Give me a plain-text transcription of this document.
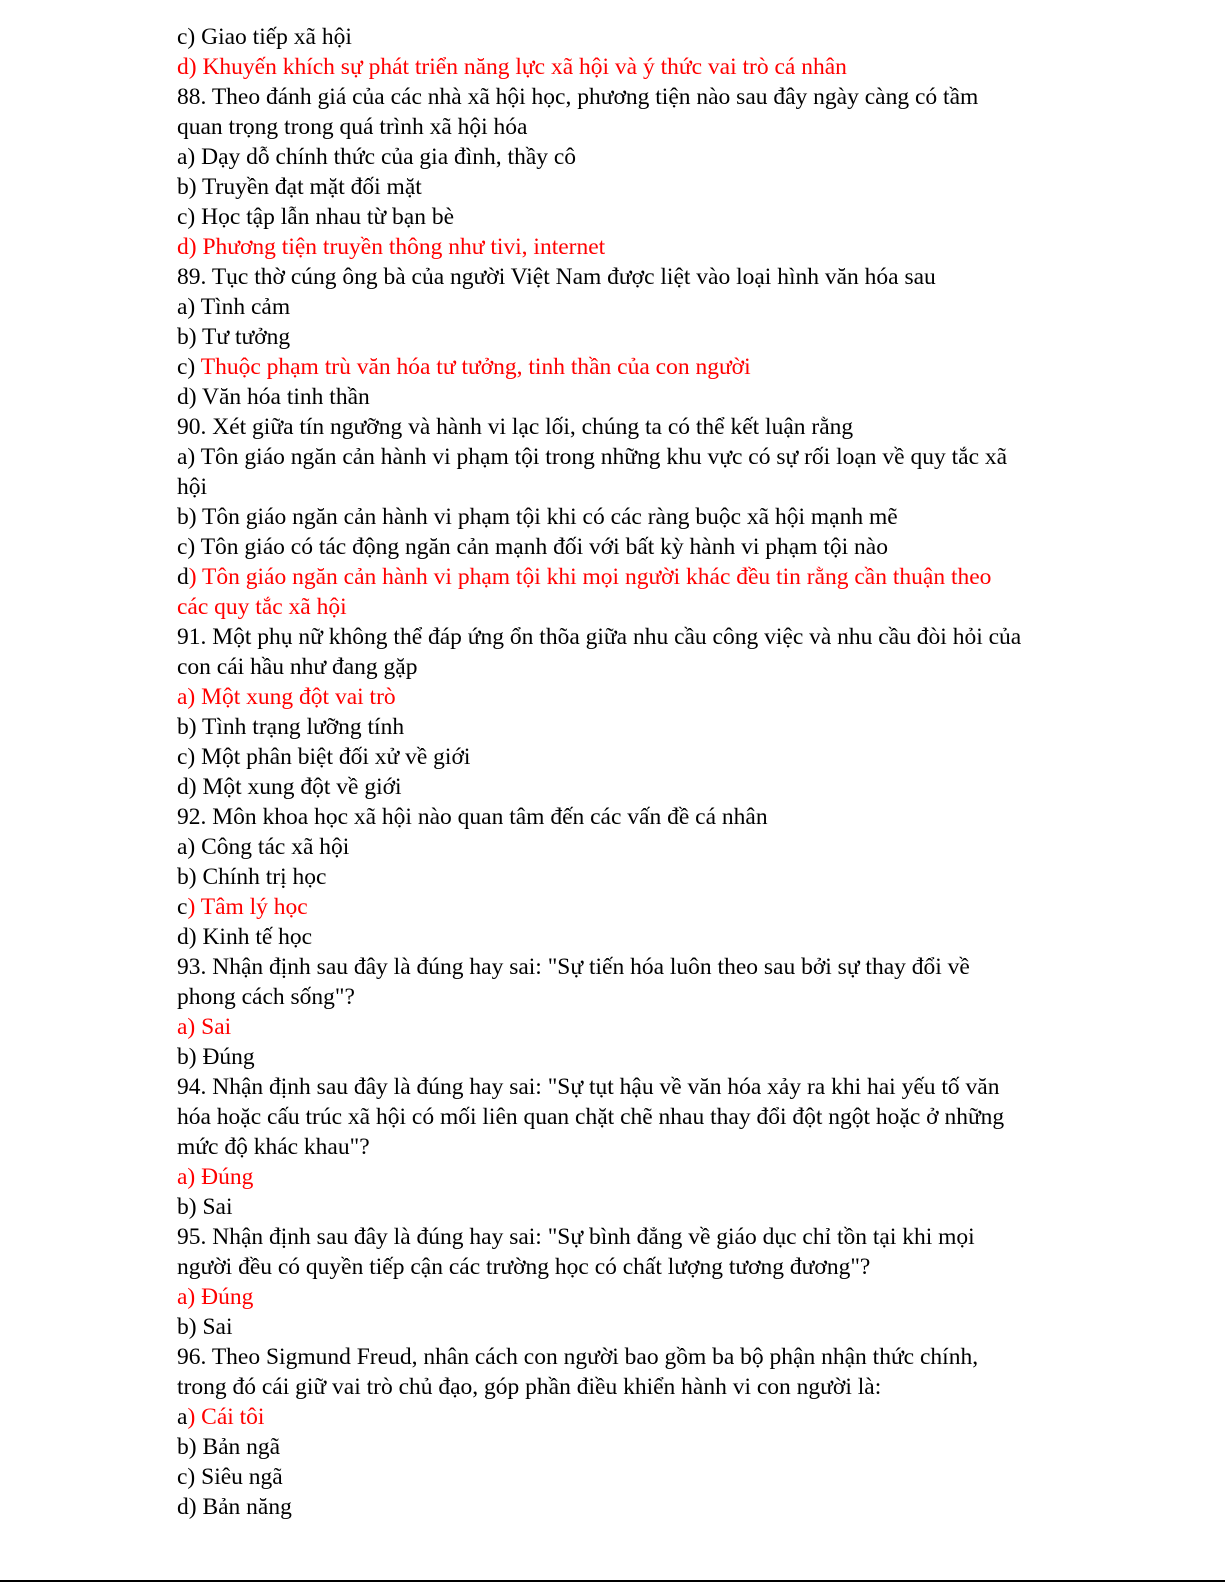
c) Giao tiếp xã hội
d) Khuyến khích sự phát triển năng lực xã hội và ý thức vai trò cá nhân
88. Theo đánh giá của các nhà xã hội học, phương tiện nào sau đây ngày càng có tầm
quan trọng trong quá trình xã hội hóa
a) Dạy dỗ chính thức của gia đình, thầy cô
b) Truyền đạt mặt đối mặt
c) Học tập lẫn nhau từ bạn bè
d) Phương tiện truyền thông như tivi, internet
89. Tục thờ cúng ông bà của người Việt Nam được liệt vào loại hình văn hóa sau
a) Tình cảm
b) Tư tưởng
c) Thuộc phạm trù văn hóa tư tưởng, tinh thần của con người
d) Văn hóa tinh thần
90. Xét giữa tín ngưỡng và hành vi lạc lối, chúng ta có thể kết luận rằng
a) Tôn giáo ngăn cản hành vi phạm tội trong những khu vực có sự rối loạn về quy tắc xã
hội
b) Tôn giáo ngăn cản hành vi phạm tội khi có các ràng buộc xã hội mạnh mẽ
c) Tôn giáo có tác động ngăn cản mạnh đối với bất kỳ hành vi phạm tội nào
d) Tôn giáo ngăn cản hành vi phạm tội khi mọi người khác đều tin rằng cần thuận theo
các quy tắc xã hội
91. Một phụ nữ không thể đáp ứng ổn thõa giữa nhu cầu công việc và nhu cầu đòi hỏi của
con cái hầu như đang gặp
a) Một xung đột vai trò
b) Tình trạng lưỡng tính
c) Một phân biệt đối xử về giới
d) Một xung đột về giới
92. Môn khoa học xã hội nào quan tâm đến các vấn đề cá nhân
a) Công tác xã hội
b) Chính trị học
c) Tâm lý học
d) Kinh tế học
93. Nhận định sau đây là đúng hay sai: "Sự tiến hóa luôn theo sau bởi sự thay đổi về
phong cách sống"?
a) Sai
b) Đúng
94. Nhận định sau đây là đúng hay sai: "Sự tụt hậu về văn hóa xảy ra khi hai yếu tố văn
hóa hoặc cấu trúc xã hội có mối liên quan chặt chẽ nhau thay đổi đột ngột hoặc ở những
mức độ khác khau"?
a) Đúng
b) Sai
95. Nhận định sau đây là đúng hay sai: "Sự bình đẳng về giáo dục chỉ tồn tại khi mọi
người đều có quyền tiếp cận các trường học có chất lượng tương đương"?
a) Đúng
b) Sai
96. Theo Sigmund Freud, nhân cách con người bao gồm ba bộ phận nhận thức chính,
trong đó cái giữ vai trò chủ đạo, góp phần điều khiển hành vi con người là:
a) Cái tôi
b) Bản ngã
c) Siêu ngã
d) Bản năng
